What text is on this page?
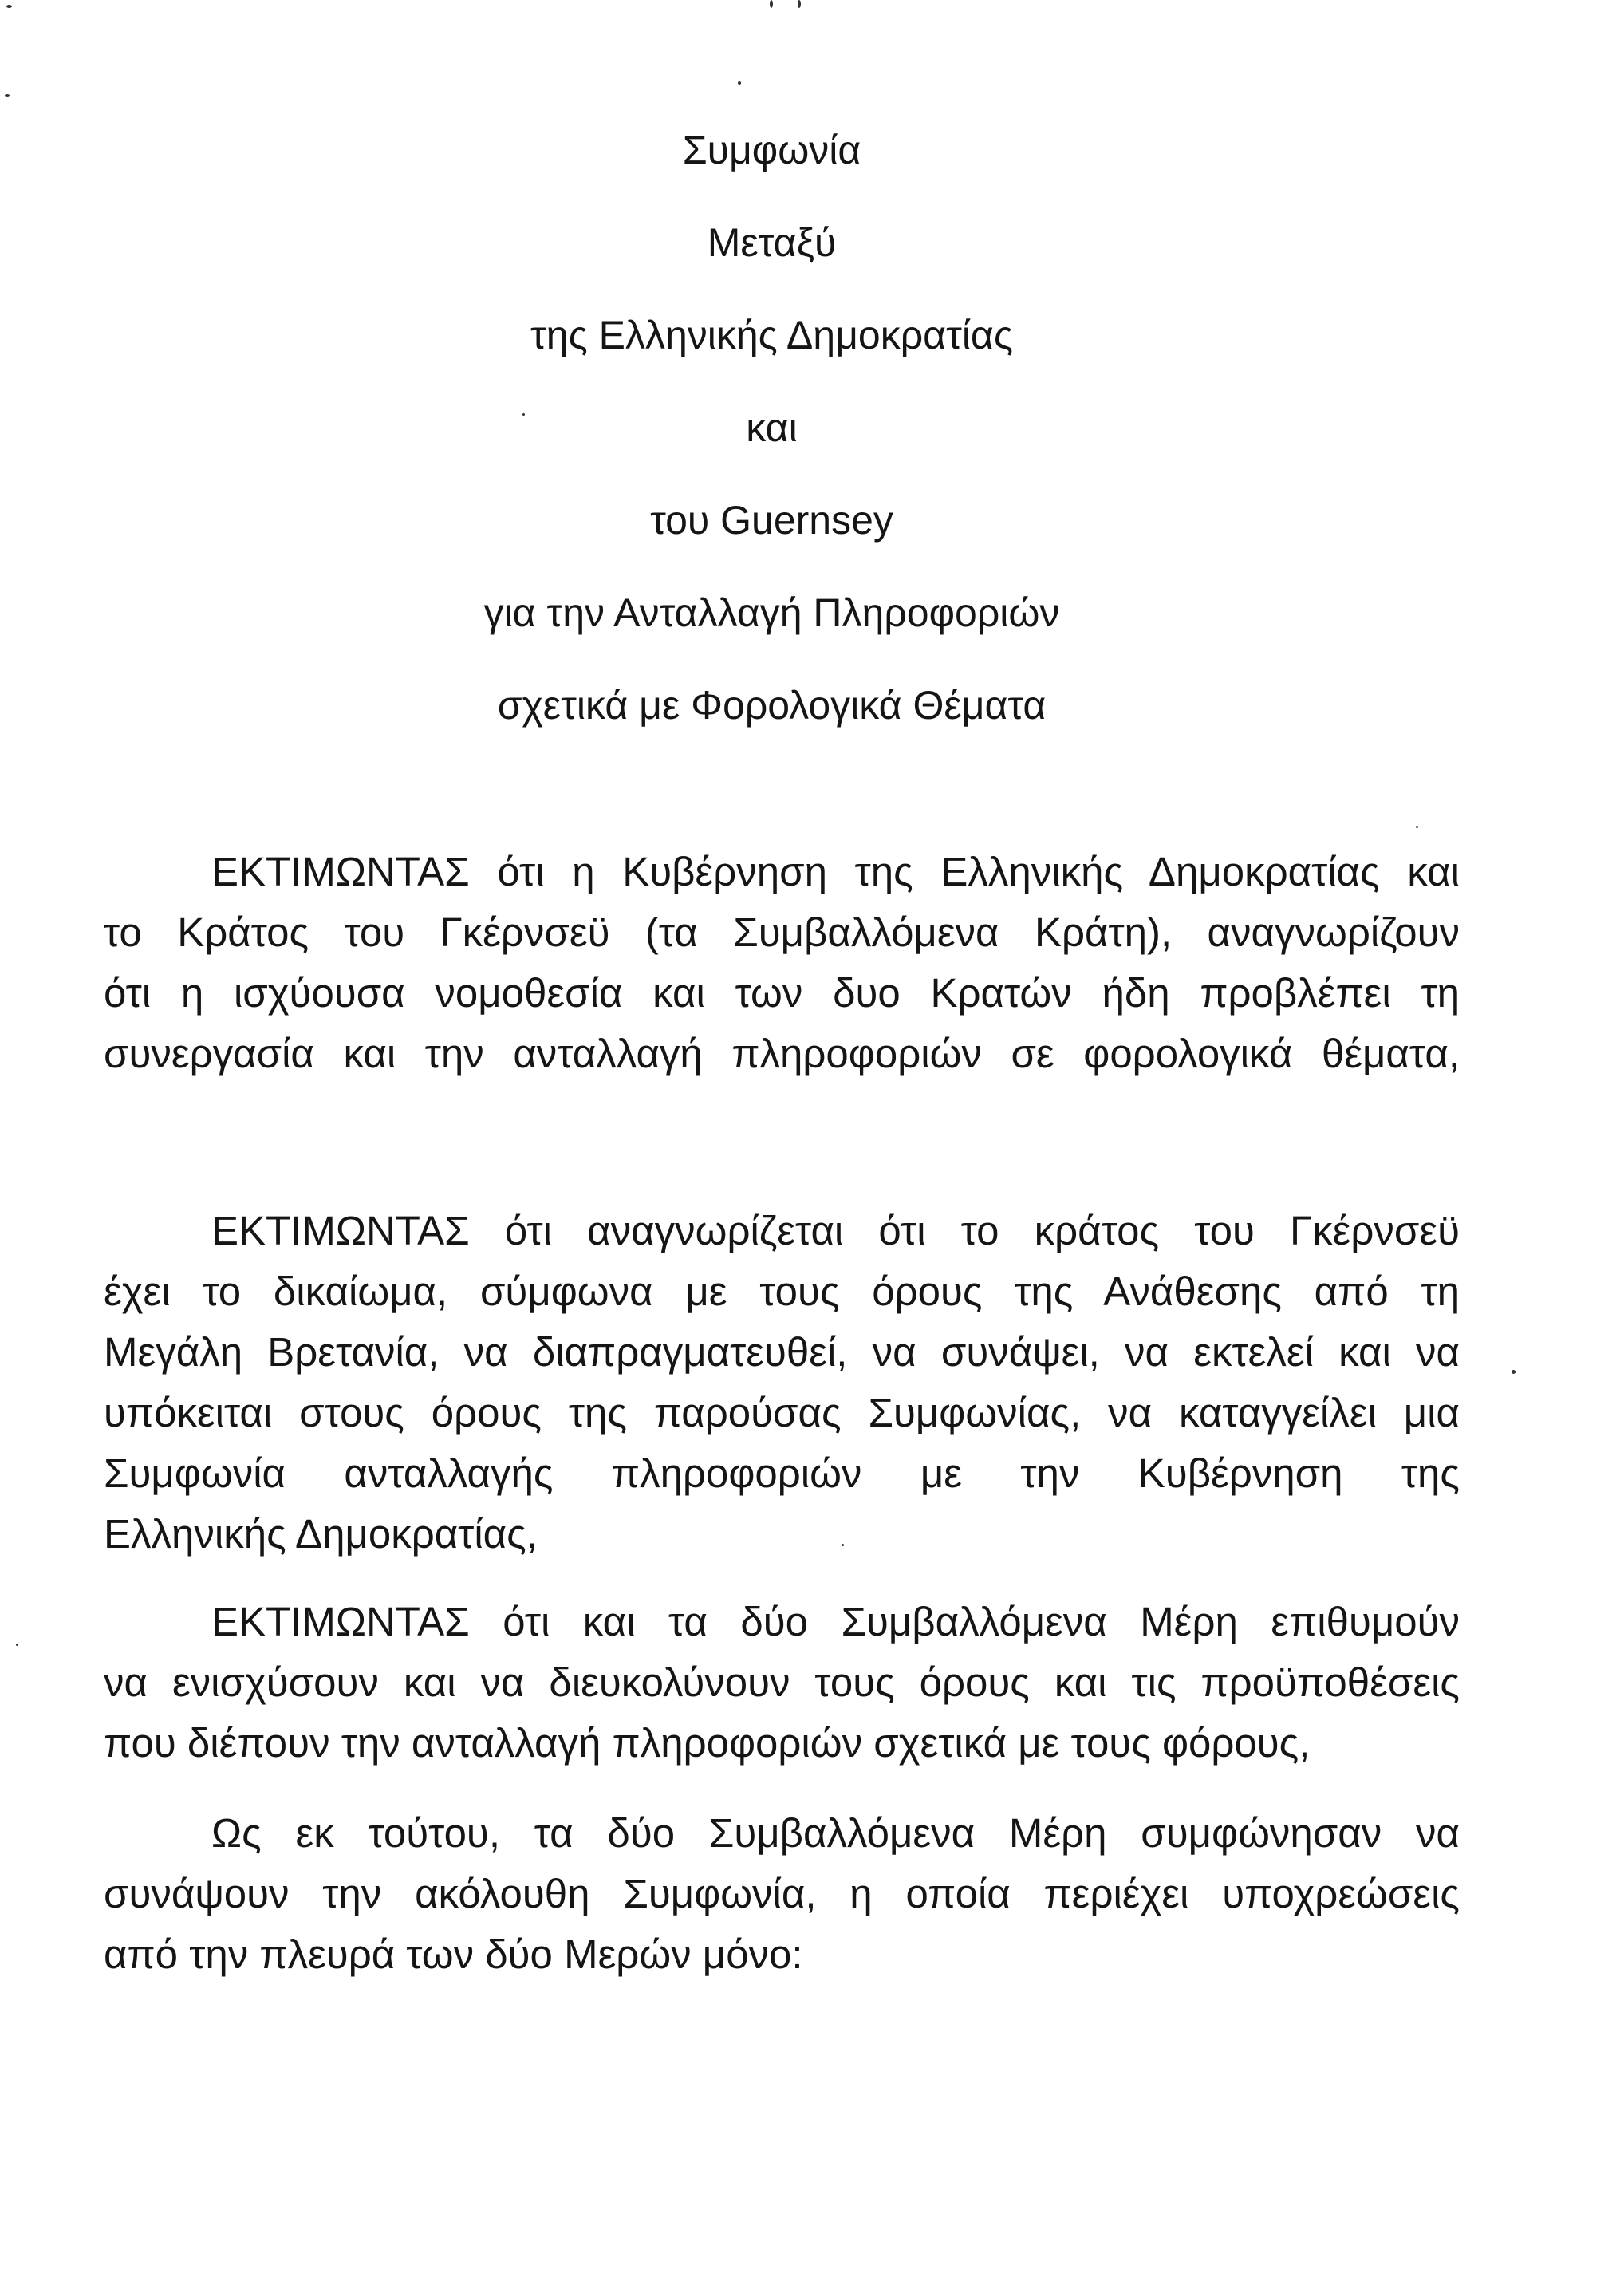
Συμφωνία
Μεταξύ
της Ελληνικής Δημοκρατίας
και
του Guernsey
για την Ανταλλαγή Πληροφοριών
σχετικά με Φορολογικά Θέματα
ΕΚΤΙΜΩΝΤΑΣ ότι η Κυβέρνηση της Ελληνικής Δημοκρατίας και
το Κράτος του Γκέρνσεϋ (τα Συμβαλλόμενα Κράτη), αναγνωρίζουν
ότι η ισχύουσα νομοθεσία και των δυο Κρατών ήδη προβλέπει τη
συνεργασία και την ανταλλαγή πληροφοριών σε φορολογικά θέματα,
ΕΚΤΙΜΩΝΤΑΣ ότι αναγνωρίζεται ότι το κράτος του Γκέρνσεϋ
έχει το δικαίωμα, σύμφωνα με τους όρους της Ανάθεσης από τη
Μεγάλη Βρετανία, να διαπραγματευθεί, να συνάψει, να εκτελεί και να
υπόκειται στους όρους της παρούσας Συμφωνίας, να καταγγείλει μια
Συμφωνία ανταλλαγής πληροφοριών με την Κυβέρνηση της
Ελληνικής Δημοκρατίας,
ΕΚΤΙΜΩΝΤΑΣ ότι και τα δύο Συμβαλλόμενα Μέρη επιθυμούν
να ενισχύσουν και να διευκολύνουν τους όρους και τις προϋποθέσεις
που διέπουν την ανταλλαγή πληροφοριών σχετικά με τους φόρους,
Ως εκ τούτου, τα δύο Συμβαλλόμενα Μέρη συμφώνησαν να
συνάψουν την ακόλουθη Συμφωνία, η οποία περιέχει υποχρεώσεις
από την πλευρά των δύο Μερών μόνο:
